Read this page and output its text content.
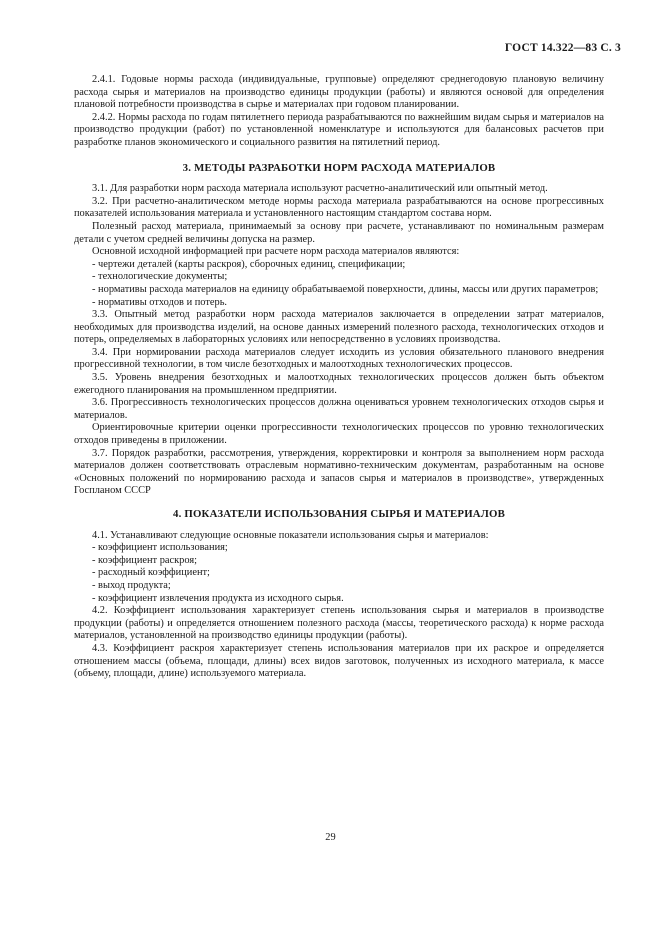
ГОСТ 14.322—83 С. 3

2.4.1. Годовые нормы расхода (индивидуальные, групповые) определяют среднегодовую плановую величину расхода сырья и материалов на производство единицы продукции (работы) и являются основой для определения плановой потребности производства в сырье и материалах при годовом планировании.

2.4.2. Нормы расхода по годам пятилетнего периода разрабатываются по важнейшим видам сырья и материалов на производство продукции (работ) по установленной номенклатуре и используются для балансовых расчетов при разработке планов экономического и социального развития на пятилетний период.

3. МЕТОДЫ РАЗРАБОТКИ НОРМ РАСХОДА МАТЕРИАЛОВ

3.1. Для разработки норм расхода материала используют расчетно-аналитический или опытный метод.

3.2. При расчетно-аналитическом методе нормы расхода материала разрабатываются на основе прогрессивных показателей использования материала и установленного настоящим стандартом состава норм.

Полезный расход материала, принимаемый за основу при расчете, устанавливают по номинальным размерам детали с учетом средней величины допуска на размер.

Основной исходной информацией при расчете норм расхода материалов являются:

- чертежи деталей (карты раскроя), сборочных единиц, спецификации;

- технологические документы;

- нормативы расхода материалов на единицу обрабатываемой поверхности, длины, массы или других параметров;

- нормативы отходов и потерь.

3.3. Опытный метод разработки норм расхода материалов заключается в определении затрат материалов, необходимых для производства изделий, на основе данных измерений полезного расхода, технологических отходов и потерь, определяемых в лабораторных условиях или непосредственно в условиях производства.

3.4. При нормировании расхода материалов следует исходить из условия обязательного планового внедрения прогрессивной технологии, в том числе безотходных и малоотходных технологических процессов.

3.5. Уровень внедрения безотходных и малоотходных технологических процессов должен быть объектом ежегодного планирования на промышленном предприятии.

3.6. Прогрессивность технологических процессов должна оцениваться уровнем технологических отходов сырья и материалов.

Ориентировочные критерии оценки прогрессивности технологических процессов по уровню технологических отходов приведены в приложении.

3.7. Порядок разработки, рассмотрения, утверждения, корректировки и контроля за выполнением норм расхода материалов должен соответствовать отраслевым нормативно-техническим документам, разработанным на основе «Основных положений по нормированию расхода и запасов сырья и материалов в производстве», утвержденных Госпланом СССР

4. ПОКАЗАТЕЛИ ИСПОЛЬЗОВАНИЯ СЫРЬЯ И МАТЕРИАЛОВ

4.1. Устанавливают следующие основные показатели использования сырья и материалов:

- коэффициент использования;

- коэффициент раскроя;

- расходный коэффициент;

- выход продукта;

- коэффициент извлечения продукта из исходного сырья.

4.2. Коэффициент использования характеризует степень использования сырья и материалов в производстве продукции (работы) и определяется отношением полезного расхода (массы, теоретического расхода) к норме расхода материалов, установленной на производство единицы продукции (работы).

4.3. Коэффициент раскроя характеризует степень использования материалов при их раскрое и определяется отношением массы (объема, площади, длины) всех видов заготовок, полученных из исходного материала, к массе (объему, площади, длине) используемого материала.

29
